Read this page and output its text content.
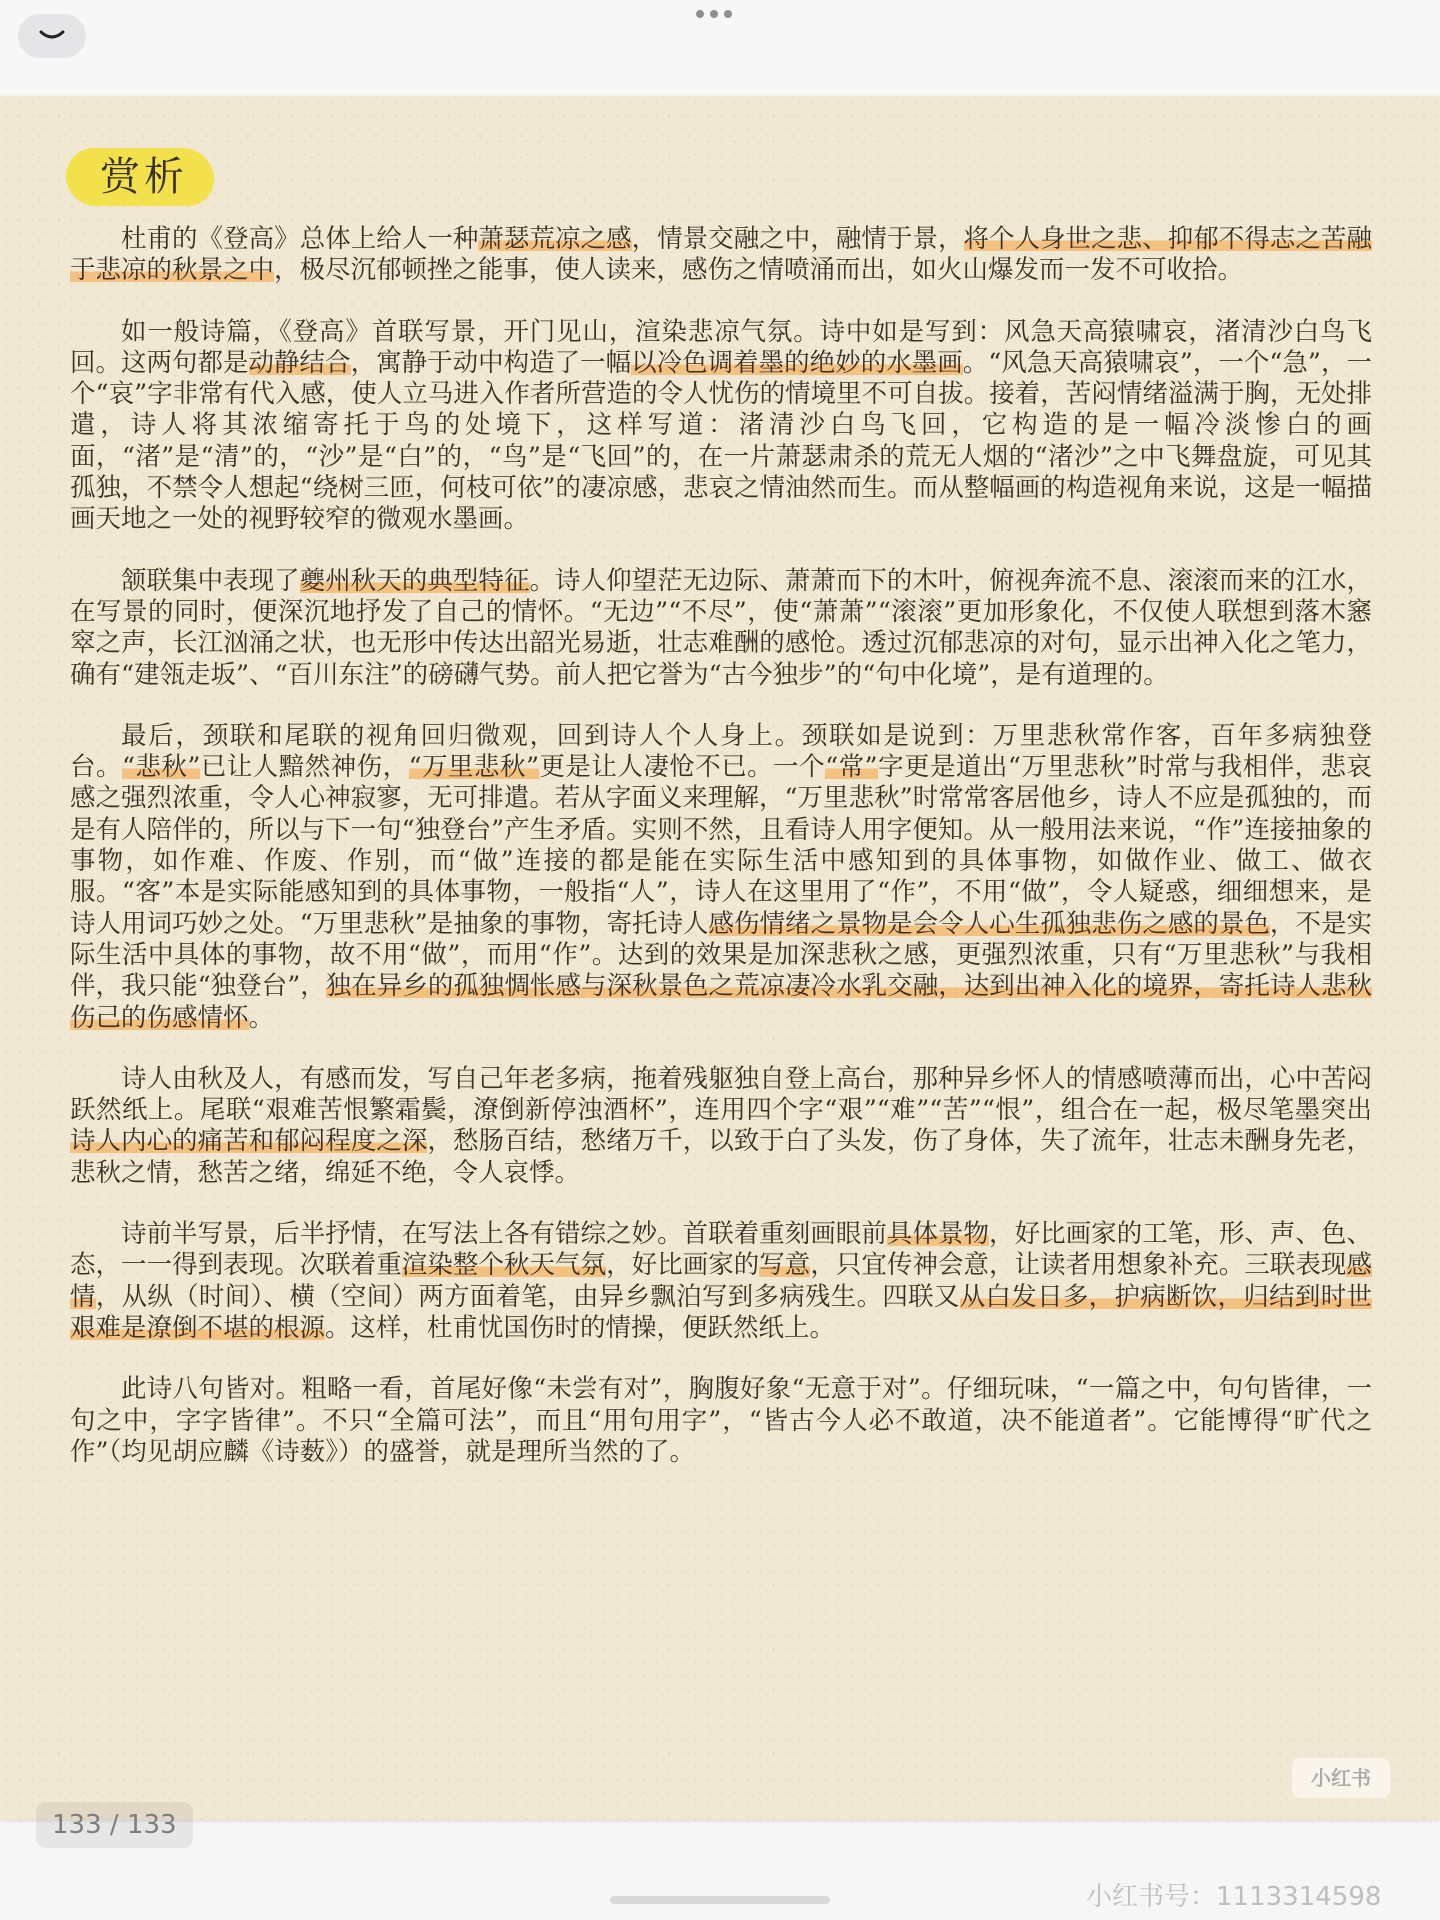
赏析

杜甫的《登高》总体上给人一种萧瑟荒凉之感，情景交融之中，融情于景，将个人身世之悲、抑郁不得志之苦融于悲凉的秋景之中，极尽沉郁顿挫之能事，使人读来，感伤之情喷涌而出，如火山爆发而一发不可收拾。

如一般诗篇，《登高》首联写景，开门见山，渲染悲凉气氛。诗中如是写到：风急天高猿啸哀，渚清沙白鸟飞回。这两句都是动静结合，寓静于动中构造了一幅以冷色调着墨的绝妙的水墨画。“风急天高猿啸哀”，一个“急”，一个“哀”字非常有代入感，使人立马进入作者所营造的令人忧伤的情境里不可自拔。接着，苦闷情绪溢满于胸，无处排遣，诗人将其浓缩寄托于鸟的处境下，这样写道：渚清沙白鸟飞回，它构造的是一幅冷淡惨白的画面，“渚”是“清”的，“沙”是“白”的，“鸟”是“飞回”的，在一片萧瑟肃杀的荒无人烟的“渚沙”之中飞舞盘旋，可见其孤独，不禁令人想起“绕树三匝，何枝可依”的凄凉感，悲哀之情油然而生。而从整幅画的构造视角来说，这是一幅描画天地之一处的视野较窄的微观水墨画。

颔联集中表现了夔州秋天的典型特征。诗人仰望茫无边际、萧萧而下的木叶，俯视奔流不息、滚滚而来的江水，在写景的同时，便深沉地抒发了自己的情怀。“无边”“不尽”，使“萧萧”“滚滚”更加形象化，不仅使人联想到落木窸窣之声，长江汹涌之状，也无形中传达出韶光易逝，壮志难酬的感怆。透过沉郁悲凉的对句，显示出神入化之笔力，确有“建瓴走坂”、“百川东注”的磅礴气势。前人把它誉为“古今独步”的“句中化境”，是有道理的。

最后，颈联和尾联的视角回归微观，回到诗人个人身上。颈联如是说到：万里悲秋常作客，百年多病独登台。“悲秋”已让人黯然神伤，“万里悲秋”更是让人凄怆不已。一个“常”字更是道出“万里悲秋”时常与我相伴，悲哀感之强烈浓重，令人心神寂寥，无可排遣。若从字面义来理解，“万里悲秋”时常常客居他乡，诗人不应是孤独的，而是有人陪伴的，所以与下一句“独登台”产生矛盾。实则不然，且看诗人用字便知。从一般用法来说，“作”连接抽象的事物，如作难、作废、作别，而“做”连接的都是能在实际生活中感知到的具体事物，如做作业、做工、做衣服。“客”本是实际能感知到的具体事物，一般指“人”，诗人在这里用了“作”，不用“做”，令人疑惑，细细想来，是诗人用词巧妙之处。“万里悲秋”是抽象的事物，寄托诗人感伤情绪之景物是会令人心生孤独悲伤之感的景色，不是实际生活中具体的事物，故不用“做”，而用“作”。达到的效果是加深悲秋之感，更强烈浓重，只有“万里悲秋”与我相伴，我只能“独登台”，独在异乡的孤独惆怅感与深秋景色之荒凉凄冷水乳交融，达到出神入化的境界，寄托诗人悲秋伤己的伤感情怀。

诗人由秋及人，有感而发，写自己年老多病，拖着残躯独自登上高台，那种异乡怀人的情感喷薄而出，心中苦闷跃然纸上。尾联“艰难苦恨繁霜鬓，潦倒新停浊酒杯”，连用四个字“艰”“难”“苦”“恨”，组合在一起，极尽笔墨突出诗人内心的痛苦和郁闷程度之深，愁肠百结，愁绪万千，以致于白了头发，伤了身体，失了流年，壮志未酬身先老，悲秋之情，愁苦之绪，绵延不绝，令人哀悸。

诗前半写景，后半抒情，在写法上各有错综之妙。首联着重刻画眼前具体景物，好比画家的工笔，形、声、色、态，一一得到表现。次联着重渲染整个秋天气氛，好比画家的写意，只宜传神会意，让读者用想象补充。三联表现感情，从纵（时间）、横（空间）两方面着笔，由异乡飘泊写到多病残生。四联又从白发日多，护病断饮，归结到时世艰难是潦倒不堪的根源。这样，杜甫忧国伤时的情操，便跃然纸上。

此诗八句皆对。粗略一看，首尾好像“未尝有对”，胸腹好象“无意于对”。仔细玩味，“一篇之中，句句皆律，一句之中，字字皆律”。不只“全篇可法”，而且“用句用字”，“皆古今人必不敢道，决不能道者”。它能博得“旷代之作”（均见胡应麟《诗薮》）的盛誉，就是理所当然的了。

133 / 133
小红书
小红书号：1113314598
